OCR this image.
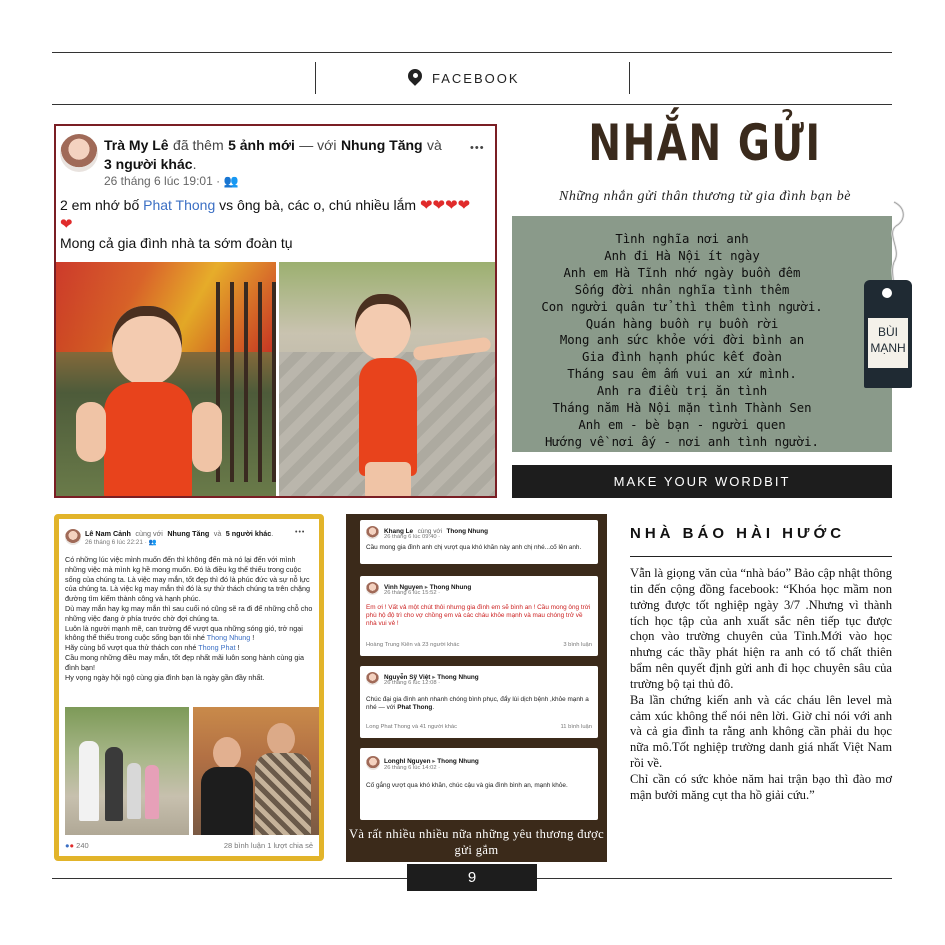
FACEBOOK
Trà My Lê đã thêm 5 ảnh mới — với Nhung Tăng và
3 người khác.
26 tháng 6 lúc 19:01 · 👥
•••
2 em nhớ bố Phat Thong vs ông bà, các o, chú nhiều lắm ❤❤❤❤
❤
Mong cả gia đình nhà ta sớm đoàn tụ
NHẮN GỬI
Những nhắn gửi thân thương từ gia đình bạn bè
Tình nghĩa nơi anh
Anh đi Hà Nội ít ngày
Anh em Hà Tĩnh nhớ ngày buồn đêm
Sống đời nhân nghĩa tình thêm
Con người quân tử thì thêm tình người.
Quán hàng buồn rụ buồn rời
Mong anh sức khỏe với đời bình an
Gia đình hạnh phúc kết đoàn
Tháng sau êm ấm vui an xứ mình.
Anh ra điều trị ăn tình
Tháng năm Hà Nội mặn tình Thành Sen
Anh em - bè bạn - người quen
Hướng về nơi ấy - nơi anh tình người.
BÙI
MẠNH
MAKE YOUR WORDBIT
Lê Nam Cảnh cùng với Nhung Tăng và 5 người khác.
26 tháng 6 lúc 22:21 · 👥
•••
Có những lúc việc mình muốn đến thì không đến mà nó lại đến với mình những việc mà mình kg hề mong muốn. Đó là điều kg thể thiếu trong cuộc sống của chúng ta. Là việc may mắn, tốt đẹp thì đó là phúc đức và sự nỗ lực của chúng ta. Là việc kg may mắn thì đó là sự thử thách chúng ta trên chặng đường tìm kiếm thành công và hạnh phúc.
Dù may mắn hay kg may mắn thì sau cuối nó cũng sẽ ra đi để những chỗ cho những việc đang ở phía trước chờ đợi chúng ta.
Luôn là người mạnh mẽ, can trường để vượt qua những sóng gió, trở ngại không thể thiếu trong cuộc sống bạn tôi nhé Thong Nhung !
Hãy cùng bố vượt qua thử thách con nhé Thong Phat !
Cầu mong những điều may mắn, tốt đẹp nhất mãi luôn song hành cùng gia đình bạn!
Hy vọng ngày hội ngộ cùng gia đình bạn là ngày gần đầy nhất.
●● 240	28 bình luận 1 lượt chia sẻ
Khang Le cùng với Thong Nhung
26 tháng 6 lúc 09:40 ·
Cầu mong gia đình anh chị vượt qua khó khăn này anh chị nhé...cố lên anh.
Vinh Nguyen ▸ Thong Nhung
26 tháng 6 lúc 15:52 ·
Em ơi ! Vất vả một chút thôi nhưng gia đình em sẽ bình an ! Cầu mong ông trời phù hộ độ trì cho vợ chồng em và các cháu khỏe mạnh và mau chóng trở về nhà vui vẻ !
Hoàng Trung Kiên và 23 người khác	3 bình luận
Nguyễn Sỹ Việt ▸ Thong Nhung
26 tháng 6 lúc 12:08 ·
Chúc đại gia đình anh nhanh chóng bình phục, đẩy lùi dịch bệnh ,khỏe mạnh a nhé — với Phat Thong.
Long Phat Thong và 41 người khác	11 bình luận
Longhl Nguyen ▸ Thong Nhung
26 tháng 6 lúc 14:02 ·
Cố gắng vượt qua khó khăn, chúc cậu và gia đình bình an, mạnh khỏe.
Và rất nhiều nhiều nữa những yêu thương được gửi gắm
NHÀ BÁO HÀI HƯỚC
Vẫn là giọng văn của “nhà báo” Bảo cập nhật thông tin đến cộng đồng facebook: “Khóa học mầm non tưởng được tốt nghiệp ngày 3/7 .Nhưng vì thành tích học tập của anh xuất sắc nên tiếp tục được chọn vào trường chuyên của Tỉnh.Mới vào học nhưng các thầy phát hiện ra anh có tố chất thiên bẩm nên quyết định gửi anh đi học chuyên sâu của trường bộ tại thủ đô.
Ba lần chứng kiến anh và các cháu lên level mà cảm xúc không thể nói nên lời. Giờ chỉ nói với anh và cả gia đình ta rằng anh không cần phải du học nữa mô.Tốt nghiệp trường danh giá nhất Việt Nam rồi về.
Chỉ cần có sức khỏe năm hai trận bạo thì đào mơ mận bưởi măng cụt tha hồ giải cứu.”
9
